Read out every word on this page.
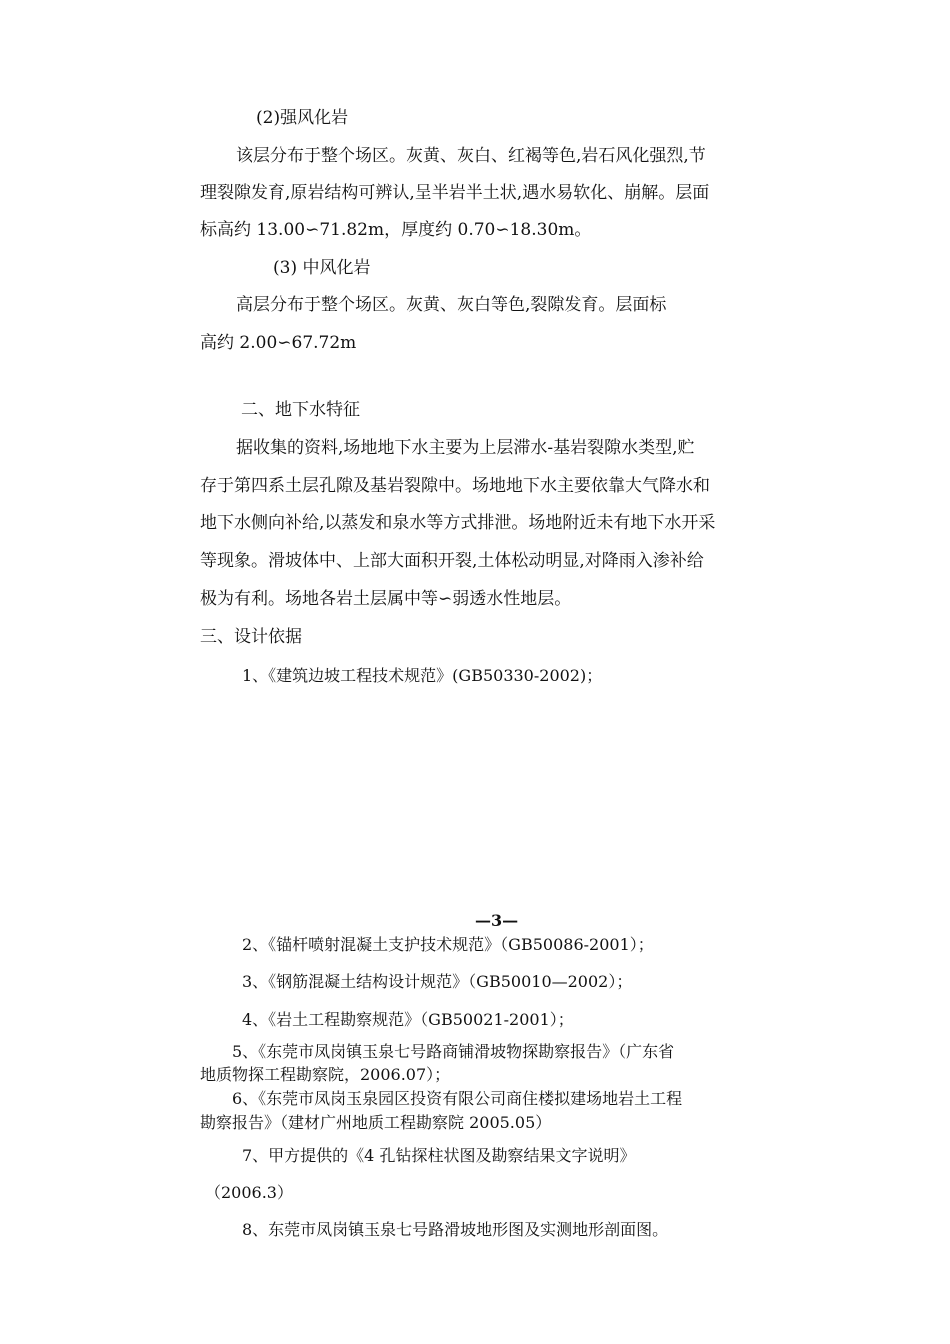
(2)强风化岩
该层分布于整个场区。灰黄、灰白、红褐等色,岩石风化强烈,节
理裂隙发育,原岩结构可辨认,呈半岩半土状,遇水易软化、崩解。层面
标高约 13.00∽71.82m，厚度约 0.70∽18.30m。
(3) 中风化岩
高层分布于整个场区。灰黄、灰白等色,裂隙发育。层面标
高约 2.00∽67.72m
二、地下水特征
据收集的资料,场地地下水主要为上层滞水-基岩裂隙水类型,贮
存于第四系土层孔隙及基岩裂隙中。场地地下水主要依靠大气降水和
地下水侧向补给,以蒸发和泉水等方式排泄。场地附近未有地下水开采
等现象。滑坡体中、上部大面积开裂,土体松动明显,对降雨入渗补给
极为有利。场地各岩土层属中等∽弱透水性地层。
三、设计依据
1、《建筑边坡工程技术规范》(GB50330-2002)；
—3—
2、《锚杆喷射混凝土支护技术规范》（GB50086-2001）；
3、《钢筋混凝土结构设计规范》（GB50010—2002）；
4、《岩土工程勘察规范》（GB50021-2001）；
5、《东莞市凤岗镇玉泉七号路商铺滑坡物探勘察报告》（广东省
地质物探工程勘察院，2006.07）；
6、《东莞市凤岗玉泉园区投资有限公司商住楼拟建场地岩土工程
勘察报告》（建材广州地质工程勘察院 2005.05）
7、甲方提供的《4 孔钻探柱状图及勘察结果文字说明》
（2006.3）
8、东莞市凤岗镇玉泉七号路滑坡地形图及实测地形剖面图。
